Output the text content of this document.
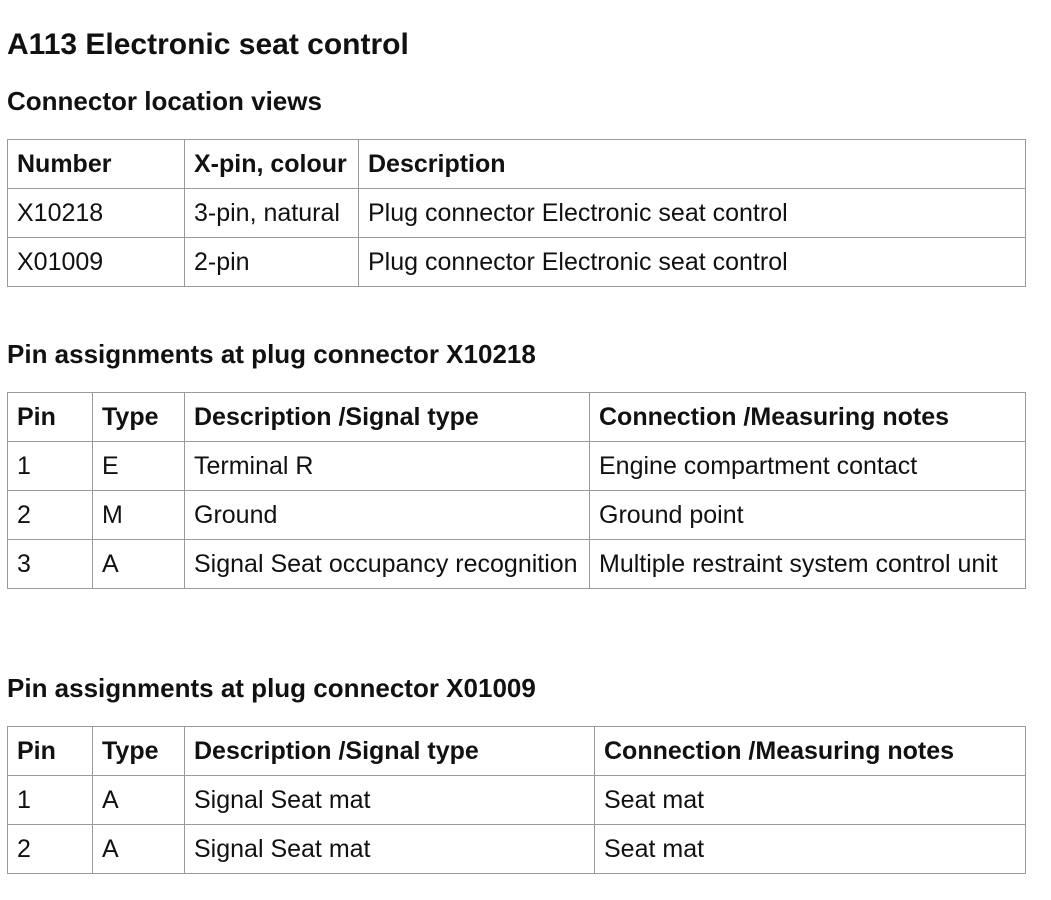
A113 Electronic seat control
Connector location views
Number	X-pin, colour	Description
X10218	3-pin, natural	Plug connector Electronic seat control
X01009	2-pin	Plug connector Electronic seat control
Pin assignments at plug connector X10218
Pin	Type	Description /Signal type	Connection /Measuring notes
1	E	Terminal R	Engine compartment contact
2	M	Ground	Ground point
3	A	Signal Seat occupancy recognition	Multiple restraint system control unit
Pin assignments at plug connector X01009
Pin	Type	Description /Signal type	Connection /Measuring notes
1	A	Signal Seat mat	Seat mat
2	A	Signal Seat mat	Seat mat
